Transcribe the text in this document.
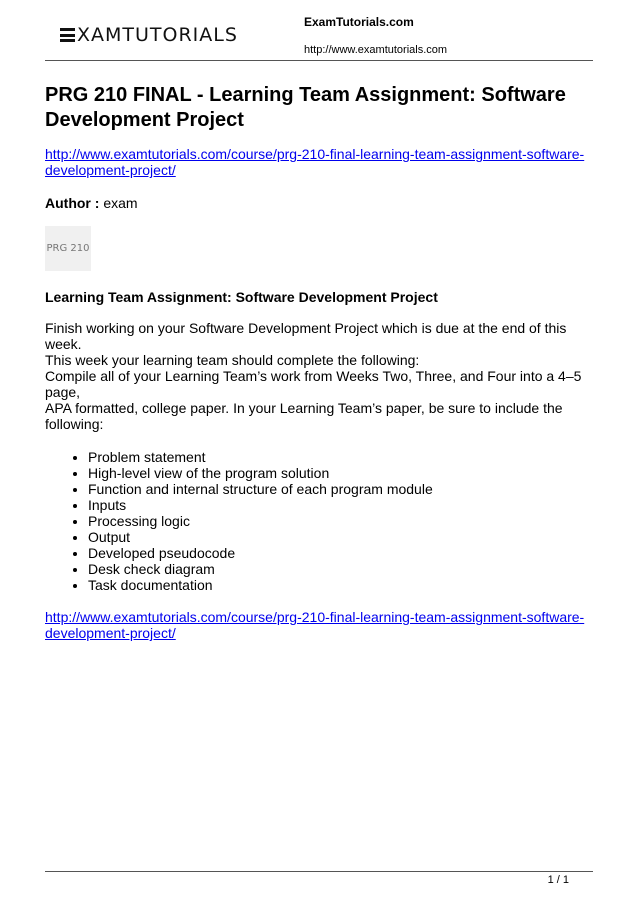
XAMTUTORIALS
ExamTutorials.com
http://www.examtutorials.com
PRG 210 FINAL - Learning Team Assignment: Software Development Project
http://www.examtutorials.com/course/prg-210-final-learning-team-assignment-software-development-project/
Author : exam
PRG 210
Learning Team Assignment: Software Development Project
Finish working on your Software Development Project which is due at the end of this week.
This week your learning team should complete the following:
Compile all of your Learning Team’s work from Weeks Two, Three, and Four into a 4–5 page,
APA formatted, college paper. In your Learning Team’s paper, be sure to include the following:
• Problem statement
• High-level view of the program solution
• Function and internal structure of each program module
• Inputs
• Processing logic
• Output
• Developed pseudocode
• Desk check diagram
• Task documentation
http://www.examtutorials.com/course/prg-210-final-learning-team-assignment-software-development-project/
1 / 1
